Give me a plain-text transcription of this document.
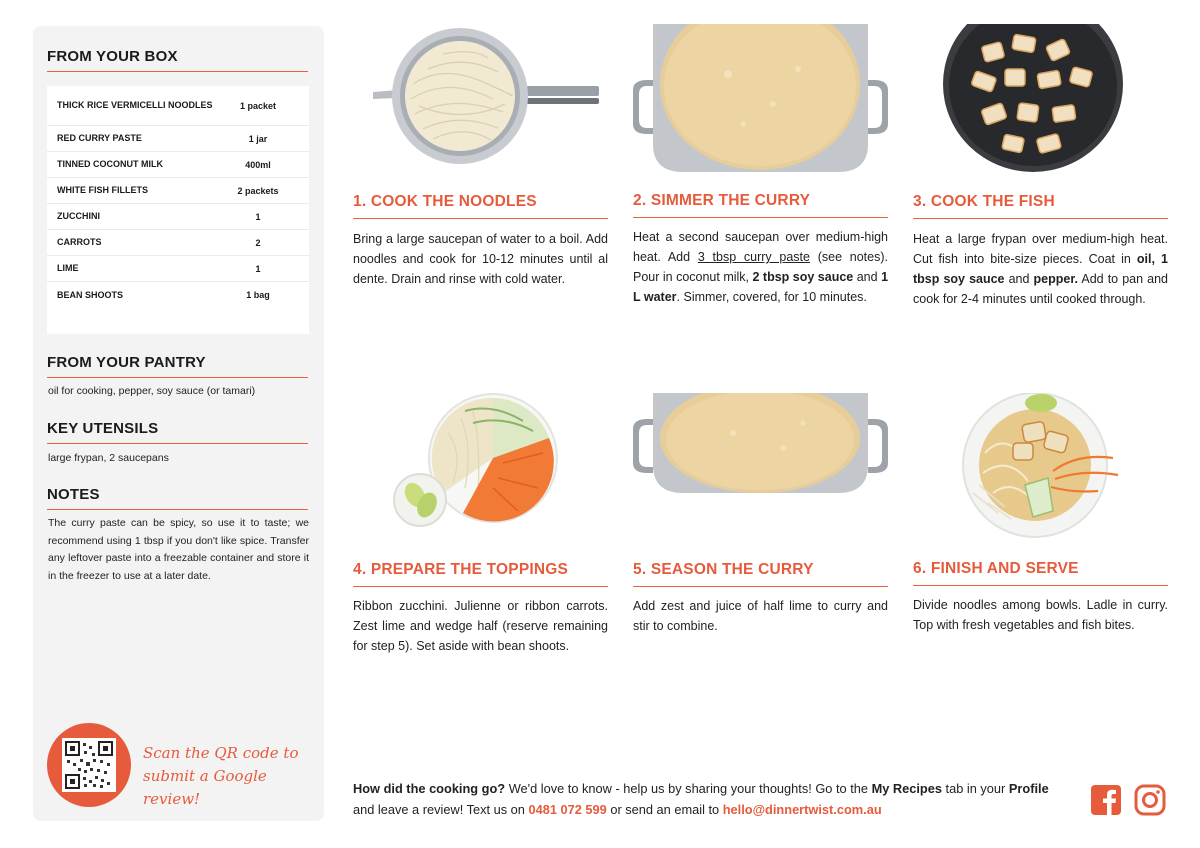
FROM YOUR BOX
THICK RICE VERMICELLI NOODLES	1 packet
RED CURRY PASTE	1 jar
TINNED COCONUT MILK	400ml
WHITE FISH FILLETS	2 packets
ZUCCHINI	1
CARROTS	2
LIME	1
BEAN SHOOTS	1 bag
FROM YOUR PANTRY
oil for cooking, pepper, soy sauce (or tamari)
KEY UTENSILS
large frypan, 2 saucepans
NOTES
The curry paste can be spicy, so use it to taste; we recommend using 1 tbsp if you don't like spice. Transfer any leftover paste into a freezable container and store it in the freezer to use at a later date.
Scan the QR code to submit a Google review!
1. COOK THE NOODLES
Bring a large saucepan of water to a boil. Add noodles and cook for 10-12 minutes until al dente. Drain and rinse with cold water.
2. SIMMER THE CURRY
Heat a second saucepan over medium-high heat. Add 3 tbsp curry paste (see notes). Pour in coconut milk, 2 tbsp soy sauce and 1 L water. Simmer, covered, for 10 minutes.
3. COOK THE FISH
Heat a large frypan over medium-high heat. Cut fish into bite-size pieces. Coat in oil, 1 tbsp soy sauce and pepper. Add to pan and cook for 2-4 minutes until cooked through.
4. PREPARE THE TOPPINGS
Ribbon zucchini. Julienne or ribbon carrots. Zest lime and wedge half (reserve remaining for step 5). Set aside with bean shoots.
5. SEASON THE CURRY
Add zest and juice of half lime to curry and stir to combine.
6. FINISH AND SERVE
Divide noodles among bowls. Ladle in curry. Top with fresh vegetables and fish bites.
How did the cooking go? We'd love to know - help us by sharing your thoughts! Go to the My Recipes tab in your Profile and leave a review! Text us on 0481 072 599 or send an email to hello@dinnertwist.com.au
